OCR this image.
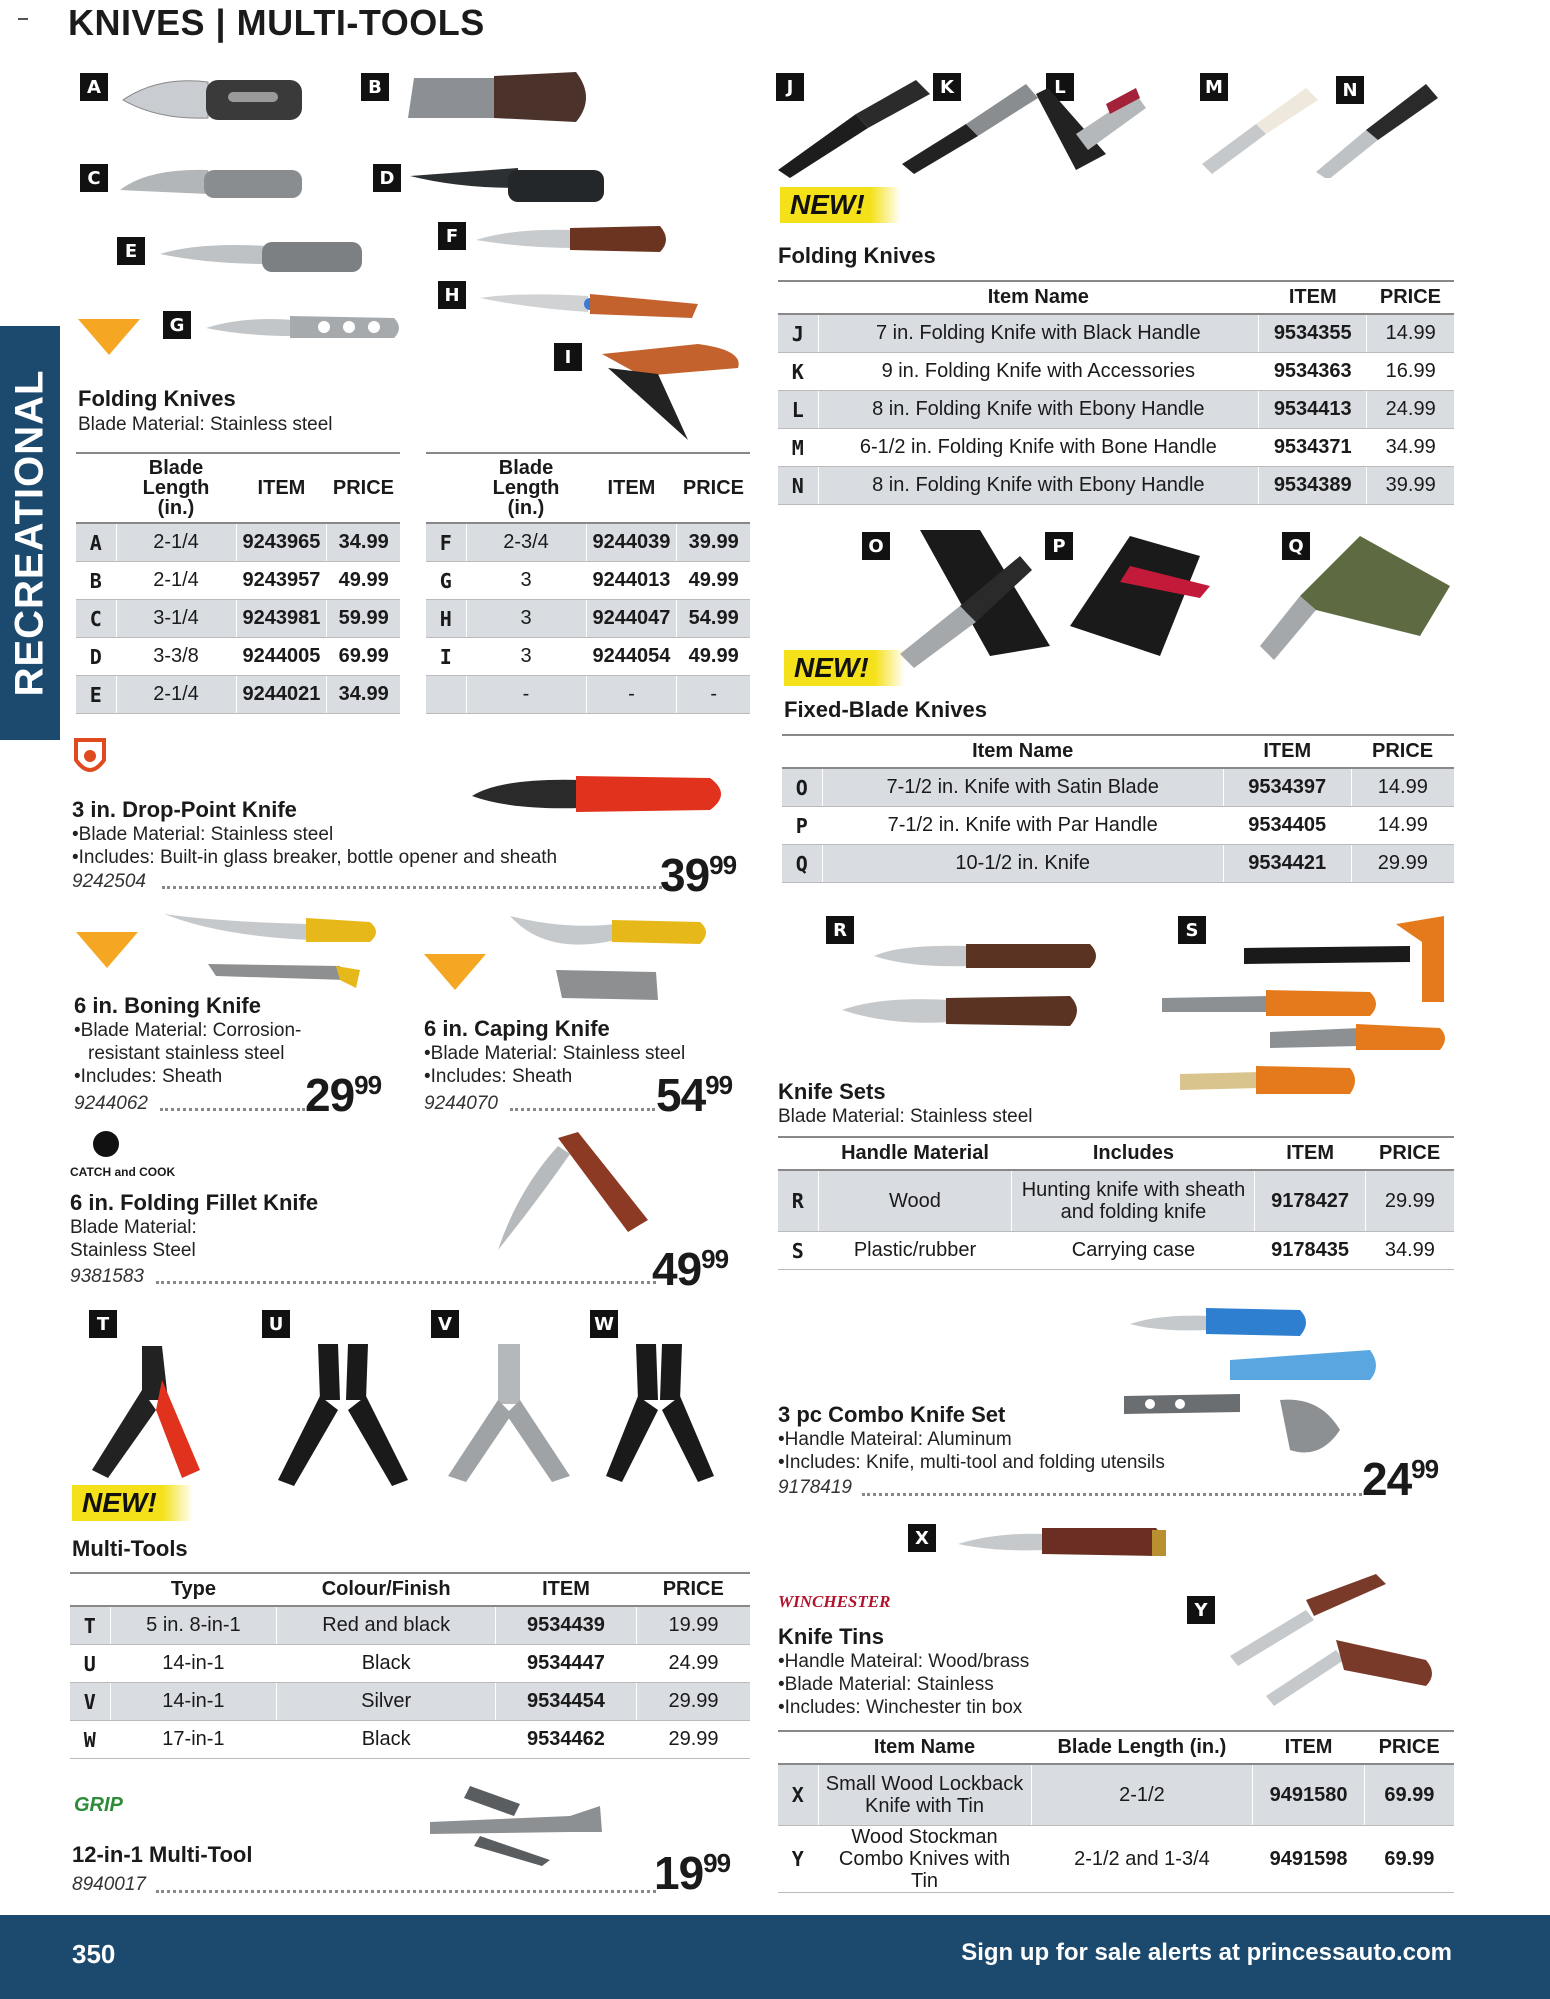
KNIVES | MULTI-TOOLS
RECREATIONAL
A	B
C	D
E
F
G
H
I
Folding Knives
Blade Material: Stainless steel
	Blade Length (in.)	ITEM	PRICE
A	2-1/4	9243965	34.99
B	2-1/4	9243957	49.99
C	3-1/4	9243981	59.99
D	3-3/8	9244005	69.99
E	2-1/4	9244021	34.99
	Blade Length (in.)	ITEM	PRICE
F	2-3/4	9244039	39.99
G	3	9244013	49.99
H	3	9244047	54.99
I	3	9244054	49.99
	-	-	-
3 in. Drop-Point Knife
•Blade Material: Stainless steel
•Includes: Built-in glass breaker, bottle opener and sheath
9242504	$39^{99}$
6 in. Boning Knife
•Blade Material: Corrosion-
resistant stainless steel
•Includes: Sheath
9244062	$29^{99}$
6 in. Caping Knife
•Blade Material: Stainless steel
•Includes: Sheath
9244070	$54^{99}$
CATCH and COOK
6 in. Folding Fillet Knife
Blade Material:
Stainless Steel
9381583	$49^{99}$
T	U	V	W
NEW!
Multi-Tools
	Type	Colour/Finish	ITEM	PRICE
T	5 in. 8-in-1	Red and black	9534439	19.99
U	14-in-1	Black	9534447	24.99
V	14-in-1	Silver	9534454	29.99
W	17-in-1	Black	9534462	29.99
GRIP
12-in-1 Multi-Tool
8940017	$19^{99}$
J	K	L	M	N
NEW!
Folding Knives
	Item Name	ITEM	PRICE
J	7 in. Folding Knife with Black Handle	9534355	14.99
K	9 in. Folding Knife with Accessories	9534363	16.99
L	8 in. Folding Knife with Ebony Handle	9534413	24.99
M	6-1/2 in. Folding Knife with Bone Handle	9534371	34.99
N	8 in. Folding Knife with Ebony Handle	9534389	39.99
O	P	Q
NEW!
Fixed-Blade Knives
	Item Name	ITEM	PRICE
O	7-1/2 in. Knife with Satin Blade	9534397	14.99
P	7-1/2 in. Knife with Par Handle	9534405	14.99
Q	10-1/2 in. Knife	9534421	29.99
R	S
Knife Sets
Blade Material: Stainless steel
	Handle Material	Includes	ITEM	PRICE
R	Wood	Hunting knife with sheath and folding knife	9178427	29.99
S	Plastic/rubber	Carrying case	9178435	34.99
3 pc Combo Knife Set
•Handle Mateiral: Aluminum
•Includes: Knife, multi-tool and folding utensils
9178419	$24^{99}$
X
Y
WINCHESTER
Knife Tins
•Handle Mateiral: Wood/brass
•Blade Material: Stainless
•Includes: Winchester tin box
	Item Name	Blade Length (in.)	ITEM	PRICE
X	Small Wood Lockback Knife with Tin	2-1/2	9491580	69.99
Y	Wood Stockman Combo Knives with Tin	2-1/2 and 1-3/4	9491598	69.99
350	Sign up for sale alerts at princessauto.com
